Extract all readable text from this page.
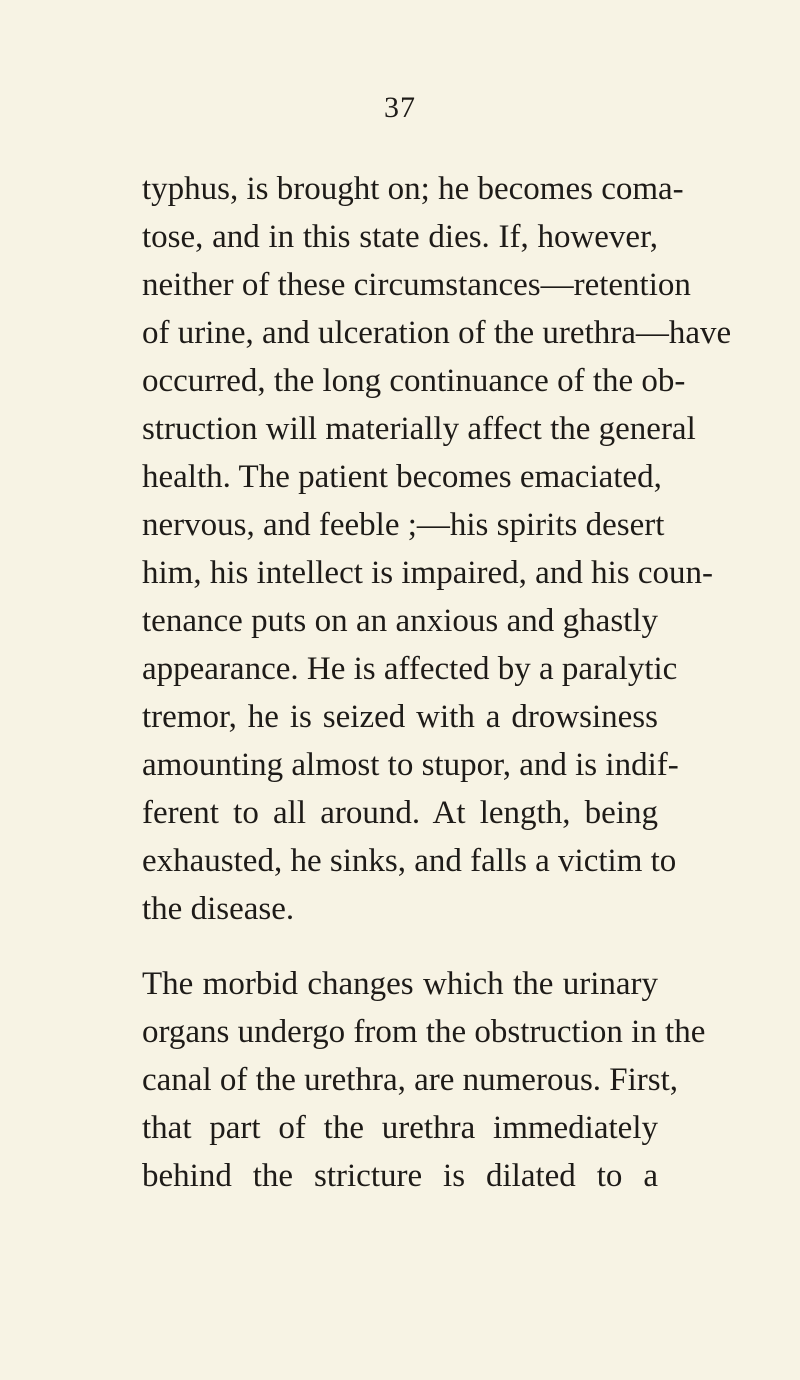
37

typhus, is brought on; he becomes coma-
tose, and in this state dies. If, however,
neither of these circumstances—retention
of urine, and ulceration of the urethra—have
occurred, the long continuance of the ob-
struction will materially affect the general
health. The patient becomes emaciated,
nervous, and feeble ;—his spirits desert
him, his intellect is impaired, and his coun-
tenance puts on an anxious and ghastly
appearance. He is affected by a paralytic
tremor, he is seized with a drowsiness
amounting almost to stupor, and is indif-
ferent to all around. At length, being
exhausted, he sinks, and falls a victim to
the disease.

The morbid changes which the urinary
organs undergo from the obstruction in the
canal of the urethra, are numerous. First,
that part of the urethra immediately
behind the stricture is dilated to a
